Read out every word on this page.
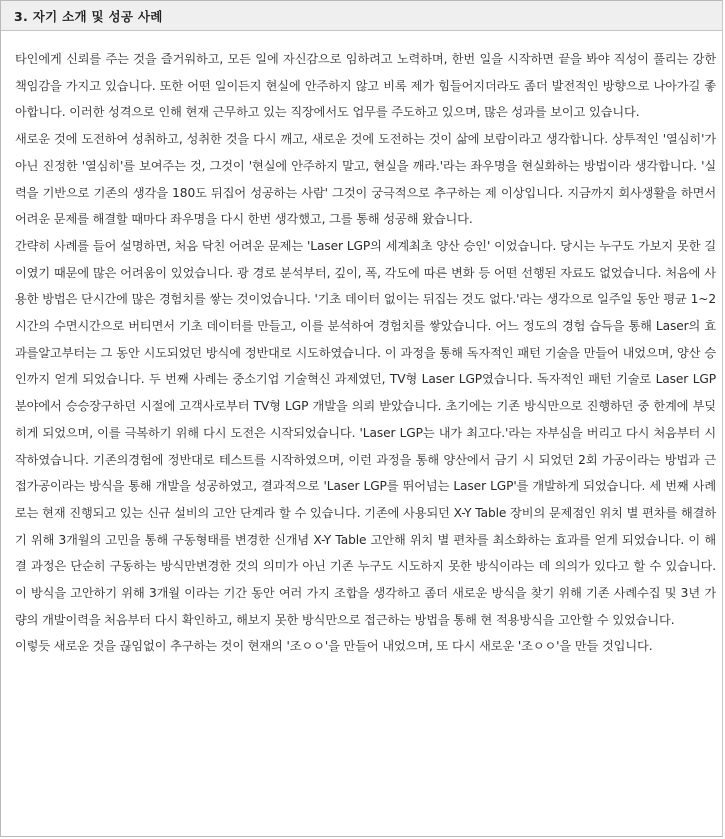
3. 자기 소개 및 성공 사례

타인에게 신뢰를 주는 것을 즐거워하고, 모든 일에 자신감으로 임하려고 노력하며, 한번 일을 시작하면 끝을 봐야 직성이 풀리는 강한 책임감을 가지고 있습니다. 또한 어떤 일이든지 현실에 안주하지 않고 비록 제가 힘들어지더라도 좀더 발전적인 방향으로 나아가길 좋아합니다. 이러한 성격으로 인해 현재 근무하고 있는 직장에서도 업무를 주도하고 있으며, 많은 성과를 보이고 있습니다.

새로운 것에 도전하여 성취하고, 성취한 것을 다시 깨고, 새로운 것에 도전하는 것이 삶에 보람이라고 생각합니다. 상투적인 '열심히'가 아닌 진정한 '열심히'를 보여주는 것, 그것이 '현실에 안주하지 말고, 현실을 깨라.'라는 좌우명을 현실화하는 방법이라 생각합니다. '실력을 기반으로 기존의 생각을 180도 뒤집어 성공하는 사람' 그것이 궁극적으로 추구하는 제 이상입니다. 지금까지 회사생활을 하면서 어려운 문제를 해결할 때마다 좌우명을 다시 한번 생각했고, 그를 통해 성공해 왔습니다.

간략히 사례를 들어 설명하면, 처음 닥친 어려운 문제는 'Laser LGP의 세계최초 양산 승인' 이었습니다. 당시는 누구도 가보지 못한 길이였기 때문에 많은 어려움이 있었습니다. 광 경로 분석부터, 깊이, 폭, 각도에 따른 변화 등 어떤 선행된 자료도 없었습니다. 처음에 사용한 방법은 단시간에 많은 경험치를 쌓는 것이었습니다. '기초 데이터 없이는 뒤집는 것도 없다.'라는 생각으로 일주일 동안 평균 1~2시간의 수면시간으로 버티면서 기초 데이터를 만들고, 이를 분석하여 경험치를 쌓았습니다. 어느 정도의 경험 습득을 통해 Laser의 효과를알고부터는 그 동안 시도되었던 방식에 정반대로 시도하였습니다. 이 과정을 통해 독자적인 패턴 기술을 만들어 내었으며, 양산 승인까지 얻게 되었습니다. 두 번째 사례는 중소기업 기술혁신 과제였던, TV형 Laser LGP였습니다. 독자적인 패턴 기술로 Laser LGP분야에서 승승장구하던 시절에 고객사로부터 TV형 LGP 개발을 의뢰 받았습니다. 초기에는 기존 방식만으로 진행하던 중 한계에 부딪히게 되었으며, 이를 극복하기 위해 다시 도전은 시작되었습니다. 'Laser LGP는 내가 최고다.'라는 자부심을 버리고 다시 처음부터 시작하였습니다. 기존의경험에 정반대로 테스트를 시작하였으며, 이런 과정을 통해 양산에서 금기 시 되었던 2회 가공이라는 방법과 근접가공이라는 방식을 통해 개발을 성공하였고, 결과적으로 'Laser LGP를 뛰어넘는 Laser LGP'를 개발하게 되었습니다. 세 번째 사례로는 현재 진행되고 있는 신규 설비의 고안 단계라 할 수 있습니다. 기존에 사용되던 X-Y Table 장비의 문제점인 위치 별 편차를 해결하기 위해 3개월의 고민을 통해 구동형태를 변경한 신개념 X-Y Table 고안해 위치 별 편차를 최소화하는 효과를 얻게 되었습니다. 이 해결 과정은 단순히 구동하는 방식만변경한 것의 의미가 아닌 기존 누구도 시도하지 못한 방식이라는 데 의의가 있다고 할 수 있습니다. 이 방식을 고안하기 위해 3개월 이라는 기간 동안 여러 가지 조합을 생각하고 좀더 새로운 방식을 찾기 위해 기존 사례수집 및 3년 가량의 개발이력을 처음부터 다시 확인하고, 해보지 못한 방식만으로 접근하는 방법을 통해 현 적용방식을 고안할 수 있었습니다.

이렇듯 새로운 것을 끊임없이 추구하는 것이 현재의 '조ㅇㅇ'을 만들어 내었으며, 또 다시 새로운 '조ㅇㅇ'을 만들 것입니다.
